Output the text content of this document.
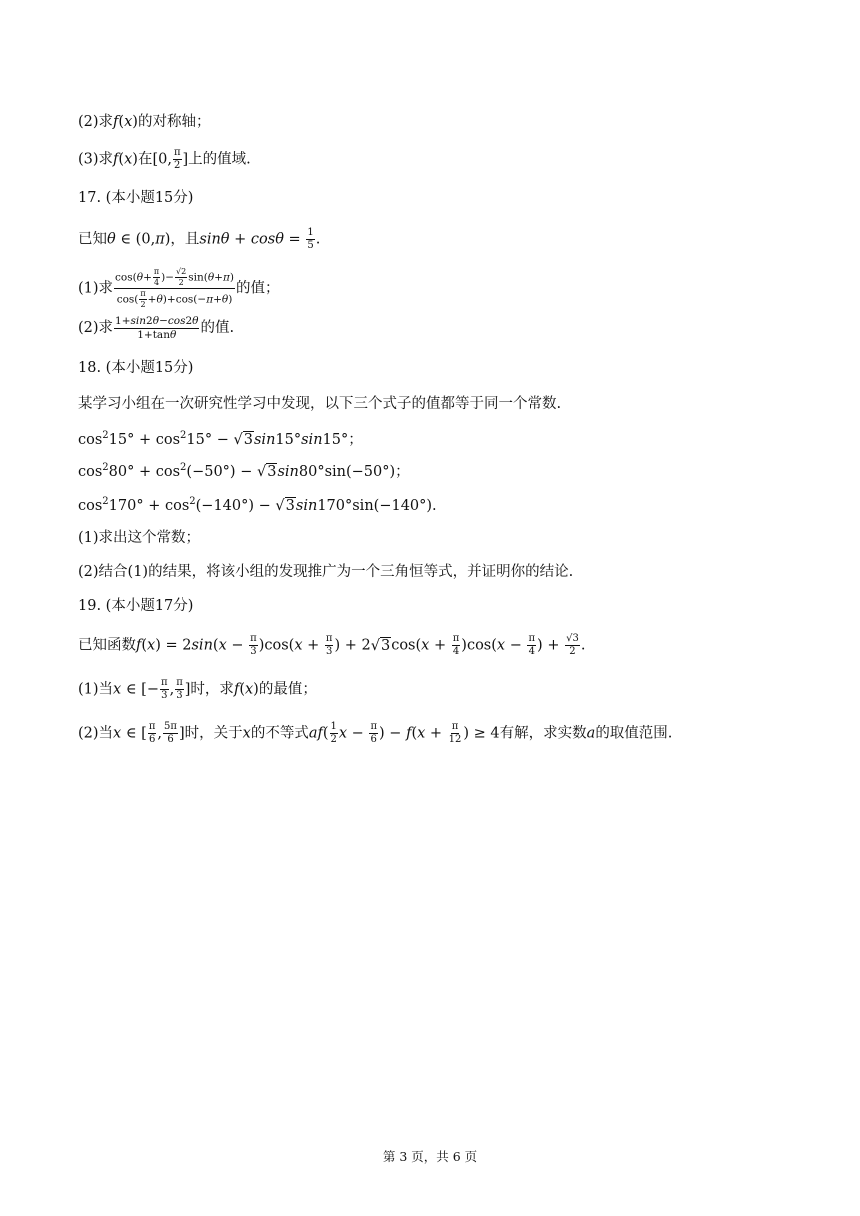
(2)求f(x)的对称轴；
(3)求f(x)在[0, $\frac{\pi}{2}$ ]上的值域.
17. (本小题15分)
已知θ ∈ (0,π)，且$\sin\theta + \cos\theta = \frac{1}{5}$ .
(1)求 $\frac{\cos(\theta+ \frac{\pi}{4} )- \frac{√2}{2} \sin(\theta+\pi)}{\cos( \frac{\pi}{2} +\theta)+\cos(-\pi+\theta)}$ 的值；
(2)求 $\frac{1+\sin 2\theta-\cos 2\theta}{1+\tan\theta}$ 的值.
18. (本小题15分)
某学习小组在一次研究性学习中发现，以下三个式子的值都等于同一个常数.
$\cos^215^\circ + \cos^215^\circ - √3\sin 15^\circ\sin 15^\circ$；
$\cos^280^\circ + \cos^2(-50^\circ) - √3\sin 80^\circ\sin(-50^\circ)$；
$\cos^2170^\circ + \cos^2(-140^\circ) - √3\sin 170^\circ\sin(-140^\circ)$.
(1)求出这个常数；
(2)结合(1)的结果，将该小组的发现推广为一个三角恒等式，并证明你的结论.
19. (本小题17分)
已知函数$f(x) = 2\sin(x - \frac{\pi}{3} )\cos(x + \frac{\pi}{3}$ ) + $2√3\cos(x + \frac{\pi}{4} )\cos(x - \frac{\pi}{4}$ ) + $\frac{√3}{2}$ .
(1)当x ∈ [− $\frac{\pi}{3}$ , $\frac{\pi}{3}$ ]时，求f(x)的最值；
(2)当x ∈ [ $\frac{\pi}{6}$ , $\frac{5\pi}{6}$ ]时，关于x的不等式$af( \frac{1}{2}$ $x - \frac{\pi}{6}$ ) − $f(x + \frac{\pi}{12}$ ) ≥ 4有解，求实数a的取值范围.
第 3 页，共 6 页
